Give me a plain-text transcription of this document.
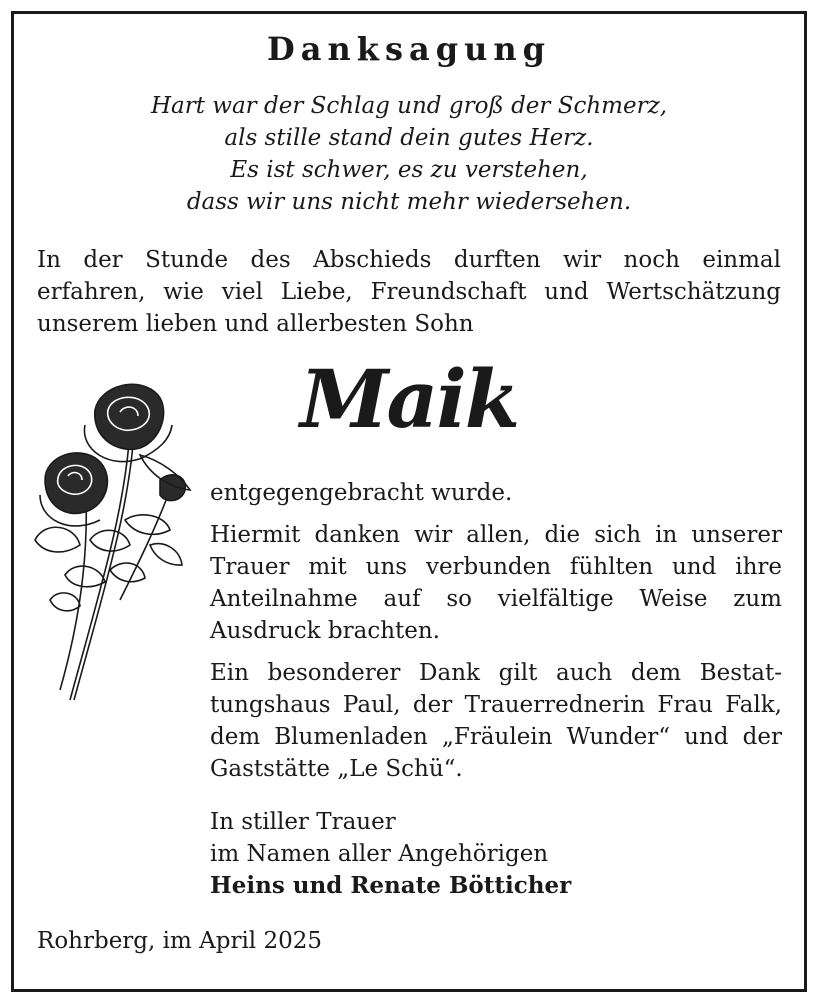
Danksagung
Hart war der Schlag und groß der Schmerz,
als stille stand dein gutes Herz.
Es ist schwer, es zu verstehen,
dass wir uns nicht mehr wiedersehen.
In der Stunde des Abschieds durften wir noch einmal
erfahren, wie viel Liebe, Freundschaft und Wertschätzung
unserem lieben und allerbesten Sohn
Maik

entgegengebracht wurde.

Hiermit danken wir allen, die sich in unserer
Trauer mit uns verbunden fühlten und ihre
Anteilnahme auf so vielfältige Weise zum
Ausdruck brachten.

Ein besonderer Dank gilt auch dem Bestat-
tungshaus Paul, der Trauerrednerin Frau Falk,
dem Blumenladen „Fräulein Wunder“ und der
Gaststätte „Le Schü“.

In stiller Trauer
im Namen aller Angehörigen
Heins und Renate Bötticher
Rohrberg, im April 2025
